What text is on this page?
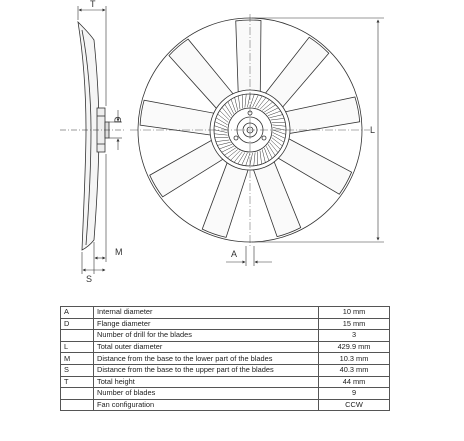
T
D
M
S
L
A
A	Internal diameter	10 mm
D	Flange diameter	15 mm
	Number of drill for the blades	3
L	Total outer diameter	429.9 mm
M	Distance from the base to the lower part of the blades	10.3 mm
S	Distance from the base to the upper part of the blades	40.3 mm
T	Total height	44 mm
	Number of blades	9
	Fan configuration	CCW
